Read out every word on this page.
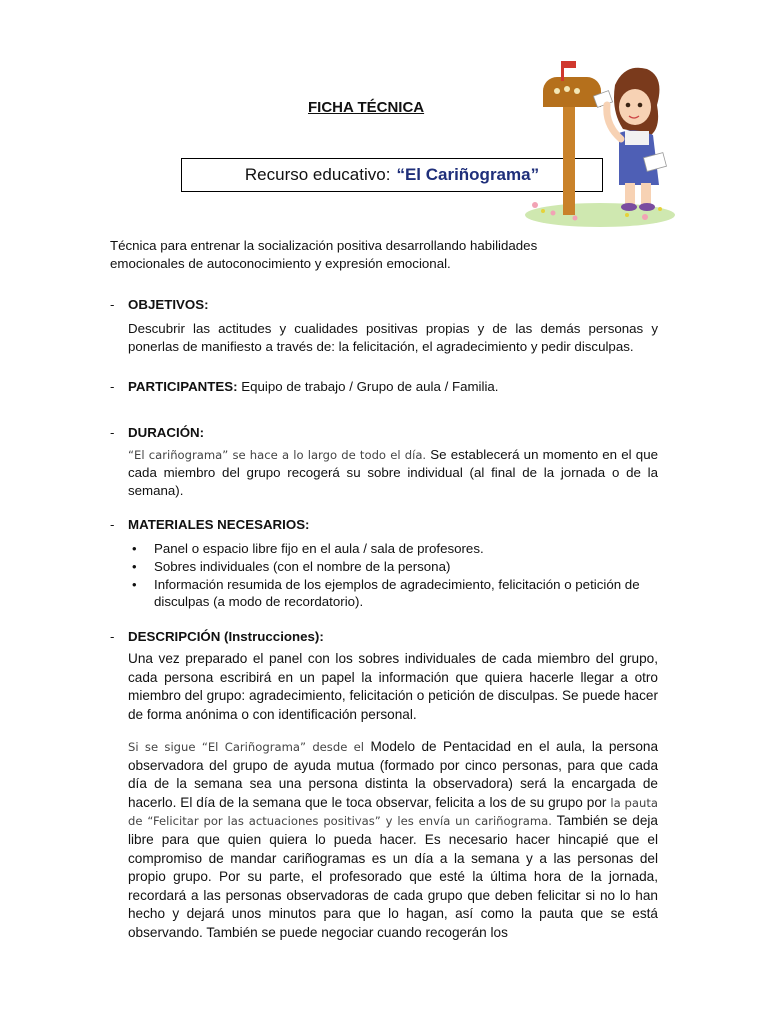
FICHA TÉCNICA
Recurso educativo: “El Cariñograma”

Técnica para entrenar la socialización positiva desarrollando habilidades emocionales de autoconocimiento y expresión emocional.

- OBJETIVOS:

Descubrir las actitudes y cualidades positivas propias y de las demás personas y ponerlas de manifiesto a través de: la felicitación, el agradecimiento y pedir disculpas.

- PARTICIPANTES: Equipo de trabajo / Grupo de aula / Familia.

- DURACIÓN:

“El cariñograma” se hace a lo largo de todo el día. Se establecerá un momento en el que cada miembro del grupo recogerá su sobre individual (al final de la jornada o de la semana).

- MATERIALES NECESARIOS:

• Panel o espacio libre fijo en el aula / sala de profesores.
• Sobres individuales (con el nombre de la persona)
• Información resumida de los ejemplos de agradecimiento, felicitación o petición de disculpas (a modo de recordatorio).

- DESCRIPCIÓN (Instrucciones):

Una vez preparado el panel con los sobres individuales de cada miembro del grupo, cada persona escribirá en un papel la información que quiera hacerle llegar a otro miembro del grupo: agradecimiento, felicitación o petición de disculpas. Se puede hacer de forma anónima o con identificación personal.

Si se sigue “El Cariñograma” desde el Modelo de Pentacidad en el aula, la persona observadora del grupo de ayuda mutua (formado por cinco personas, para que cada día de la semana sea una persona distinta la observadora) será la encargada de hacerlo. El día de la semana que le toca observar, felicita a los de su grupo por la pauta de “Felicitar por las actuaciones positivas” y les envía un cariñograma. También se deja libre para que quien quiera lo pueda hacer. Es necesario hacer hincapié que el compromiso de mandar cariñogramas es un día a la semana y a las personas del propio grupo. Por su parte, el profesorado que esté la última hora de la jornada, recordará a las personas observadoras de cada grupo que deben felicitar si no lo han hecho y dejará unos minutos para que lo hagan, así como la pauta que se está observando. También se puede negociar cuando recogerán los
